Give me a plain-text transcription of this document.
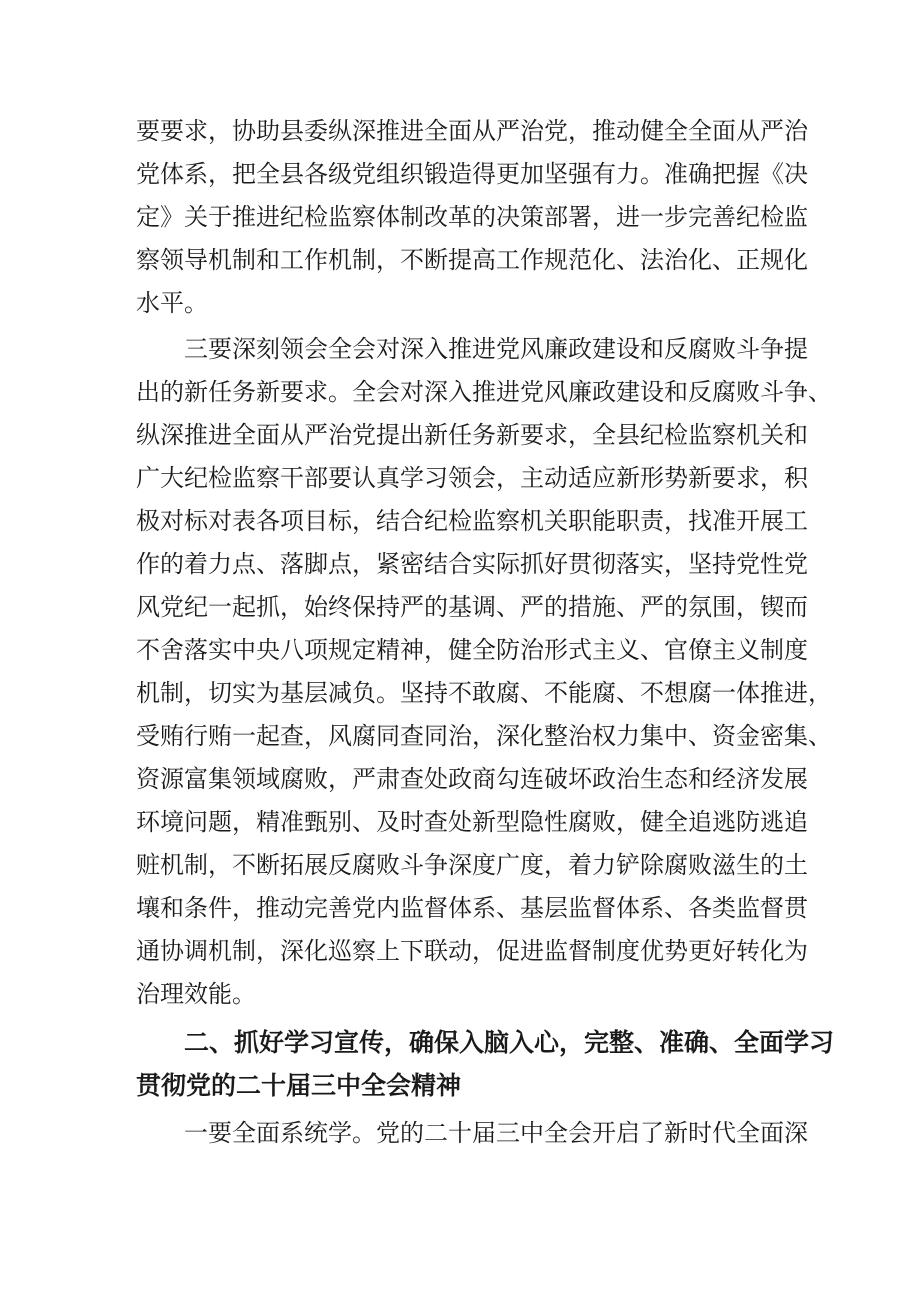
要要求，协助县委纵深推进全面从严治党，推动健全全面从严治
党体系，把全县各级党组织锻造得更加坚强有力。准确把握《决
定》关于推进纪检监察体制改革的决策部署，进一步完善纪检监
察领导机制和工作机制，不断提高工作规范化、法治化、正规化
水平。
三要深刻领会全会对深入推进党风廉政建设和反腐败斗争提
出的新任务新要求。全会对深入推进党风廉政建设和反腐败斗争、
纵深推进全面从严治党提出新任务新要求，全县纪检监察机关和
广大纪检监察干部要认真学习领会，主动适应新形势新要求，积
极对标对表各项目标，结合纪检监察机关职能职责，找准开展工
作的着力点、落脚点，紧密结合实际抓好贯彻落实，坚持党性党
风党纪一起抓，始终保持严的基调、严的措施、严的氛围，锲而
不舍落实中央八项规定精神，健全防治形式主义、官僚主义制度
机制，切实为基层减负。坚持不敢腐、不能腐、不想腐一体推进，
受贿行贿一起查，风腐同查同治，深化整治权力集中、资金密集、
资源富集领域腐败，严肃查处政商勾连破坏政治生态和经济发展
环境问题，精准甄别、及时查处新型隐性腐败，健全追逃防逃追
赃机制，不断拓展反腐败斗争深度广度，着力铲除腐败滋生的土
壤和条件，推动完善党内监督体系、基层监督体系、各类监督贯
通协调机制，深化巡察上下联动，促进监督制度优势更好转化为
治理效能。
二、抓好学习宣传，确保入脑入心，完整、准确、全面学习
贯彻党的二十届三中全会精神
一要全面系统学。党的二十届三中全会开启了新时代全面深
